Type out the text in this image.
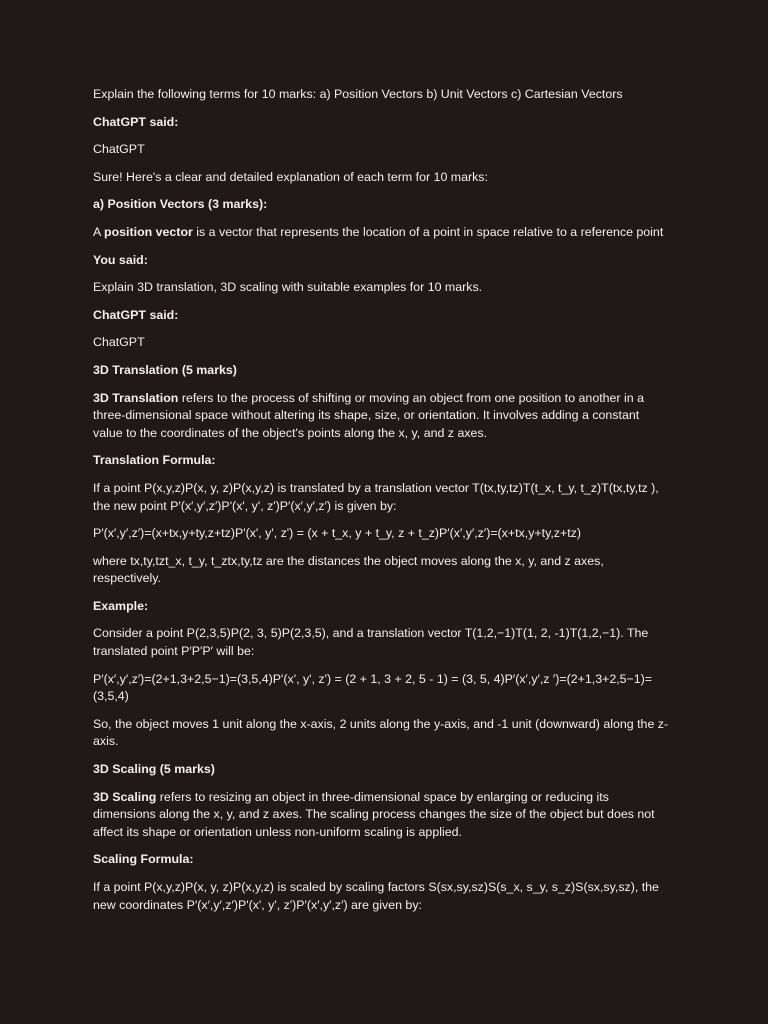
Explain the following terms for 10 marks: a) Position Vectors b) Unit Vectors c) Cartesian Vectors

ChatGPT said:

ChatGPT

Sure! Here's a clear and detailed explanation of each term for 10 marks:

a) Position Vectors (3 marks):

A position vector is a vector that represents the location of a point in space relative to a reference point

You said:

Explain 3D translation, 3D scaling with suitable examples for 10 marks.

ChatGPT said:

ChatGPT

3D Translation (5 marks)

3D Translation refers to the process of shifting or moving an object from one position to another in a three-dimensional space without altering its shape, size, or orientation. It involves adding a constant value to the coordinates of the object's points along the x, y, and z axes.

Translation Formula:

If a point P(x,y,z)P(x, y, z)P(x,y,z) is translated by a translation vector T(tx,ty,tz)T(t_x, t_y, t_z)T(tx,ty,tz ), the new point P′(x′,y′,z′)P'(x', y', z')P′(x′,y′,z′) is given by:

P′(x′,y′,z′)=(x+tx,y+ty,z+tz)P'(x', y', z') = (x + t_x, y + t_y, z + t_z)P′(x′,y′,z′)=(x+tx,y+ty,z+tz)

where tx,ty,tzt_x, t_y, t_ztx,ty,tz are the distances the object moves along the x, y, and z axes, respectively.

Example:

Consider a point P(2,3,5)P(2, 3, 5)P(2,3,5), and a translation vector T(1,2,−1)T(1, 2, -1)T(1,2,−1). The translated point P′P'P′ will be:

P′(x′,y′,z′)=(2+1,3+2,5−1)=(3,5,4)P'(x', y', z') = (2 + 1, 3 + 2, 5 - 1) = (3, 5, 4)P′(x′,y′,z ′)=(2+1,3+2,5−1)=(3,5,4)

So, the object moves 1 unit along the x-axis, 2 units along the y-axis, and -1 unit (downward) along the z-axis.

3D Scaling (5 marks)

3D Scaling refers to resizing an object in three-dimensional space by enlarging or reducing its dimensions along the x, y, and z axes. The scaling process changes the size of the object but does not affect its shape or orientation unless non-uniform scaling is applied.

Scaling Formula:

If a point P(x,y,z)P(x, y, z)P(x,y,z) is scaled by scaling factors S(sx,sy,sz)S(s_x, s_y, s_z)S(sx,sy,sz), the new coordinates P′(x′,y′,z′)P'(x', y', z')P′(x′,y′,z′) are given by:
